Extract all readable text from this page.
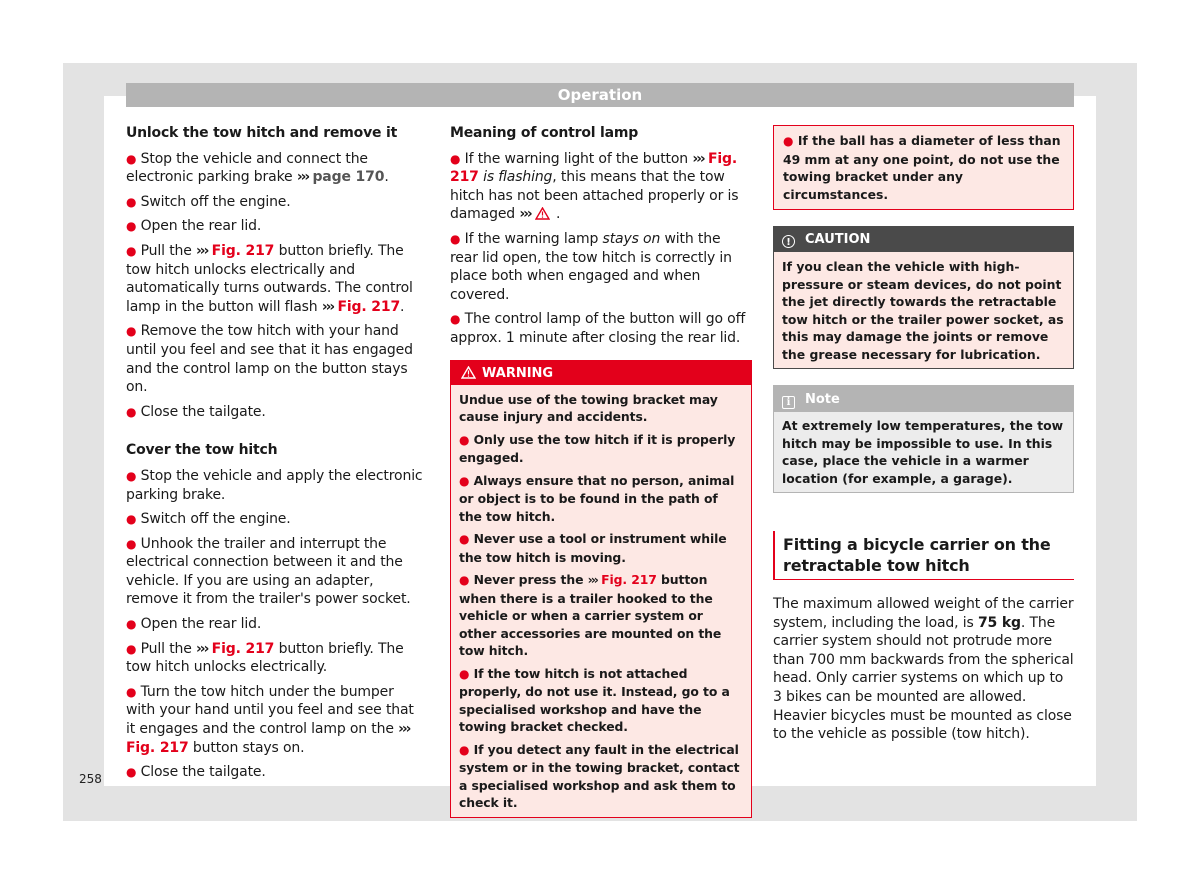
Operation
Unlock the tow hitch and remove it
● Stop the vehicle and connect the electronic parking brake ››› page 170.
● Switch off the engine.
● Open the rear lid.
● Pull the ››› Fig. 217 button briefly. The tow hitch unlocks electrically and automatically turns outwards. The control lamp in the button will flash ››› Fig. 217.
● Remove the tow hitch with your hand until you feel and see that it has engaged and the control lamp on the button stays on.
● Close the tailgate.
Cover the tow hitch
● Stop the vehicle and apply the electronic parking brake.
● Switch off the engine.
● Unhook the trailer and interrupt the electrical connection between it and the vehicle. If you are using an adapter, remove it from the trailer's power socket.
● Open the rear lid.
● Pull the ››› Fig. 217 button briefly. The tow hitch unlocks electrically.
● Turn the tow hitch under the bumper with your hand until you feel and see that it engages and the control lamp on the ››› Fig. 217 button stays on.
● Close the tailgate.
Meaning of control lamp
● If the warning light of the button ››› Fig. 217 is flashing, this means that the tow hitch has not been attached properly or is damaged ››› .
● If the warning lamp stays on with the rear lid open, the tow hitch is correctly in place both when engaged and when covered.
● The control lamp of the button will go off approx. 1 minute after closing the rear lid.
WARNING
Undue use of the towing bracket may cause injury and accidents.
● Only use the tow hitch if it is properly engaged.
● Always ensure that no person, animal or object is to be found in the path of the tow hitch.
● Never use a tool or instrument while the tow hitch is moving.
● Never press the ››› Fig. 217 button when there is a trailer hooked to the vehicle or when a carrier system or other accessories are mounted on the tow hitch.
● If the tow hitch is not attached properly, do not use it. Instead, go to a specialised workshop and have the towing bracket checked.
● If you detect any fault in the electrical system or in the towing bracket, contact a specialised workshop and ask them to check it.
● If the ball has a diameter of less than 49 mm at any one point, do not use the towing bracket under any circumstances.
! CAUTION
If you clean the vehicle with high-pressure or steam devices, do not point the jet directly towards the retractable tow hitch or the trailer power socket, as this may damage the joints or remove the grease necessary for lubrication.
i Note
At extremely low temperatures, the tow hitch may be impossible to use. In this case, place the vehicle in a warmer location (for example, a garage).
Fitting a bicycle carrier on the retractable tow hitch
The maximum allowed weight of the carrier system, including the load, is 75 kg. The carrier system should not protrude more than 700 mm backwards from the spherical head. Only carrier systems on which up to 3 bikes can be mounted are allowed. Heavier bicycles must be mounted as close to the vehicle as possible (tow hitch).
258
